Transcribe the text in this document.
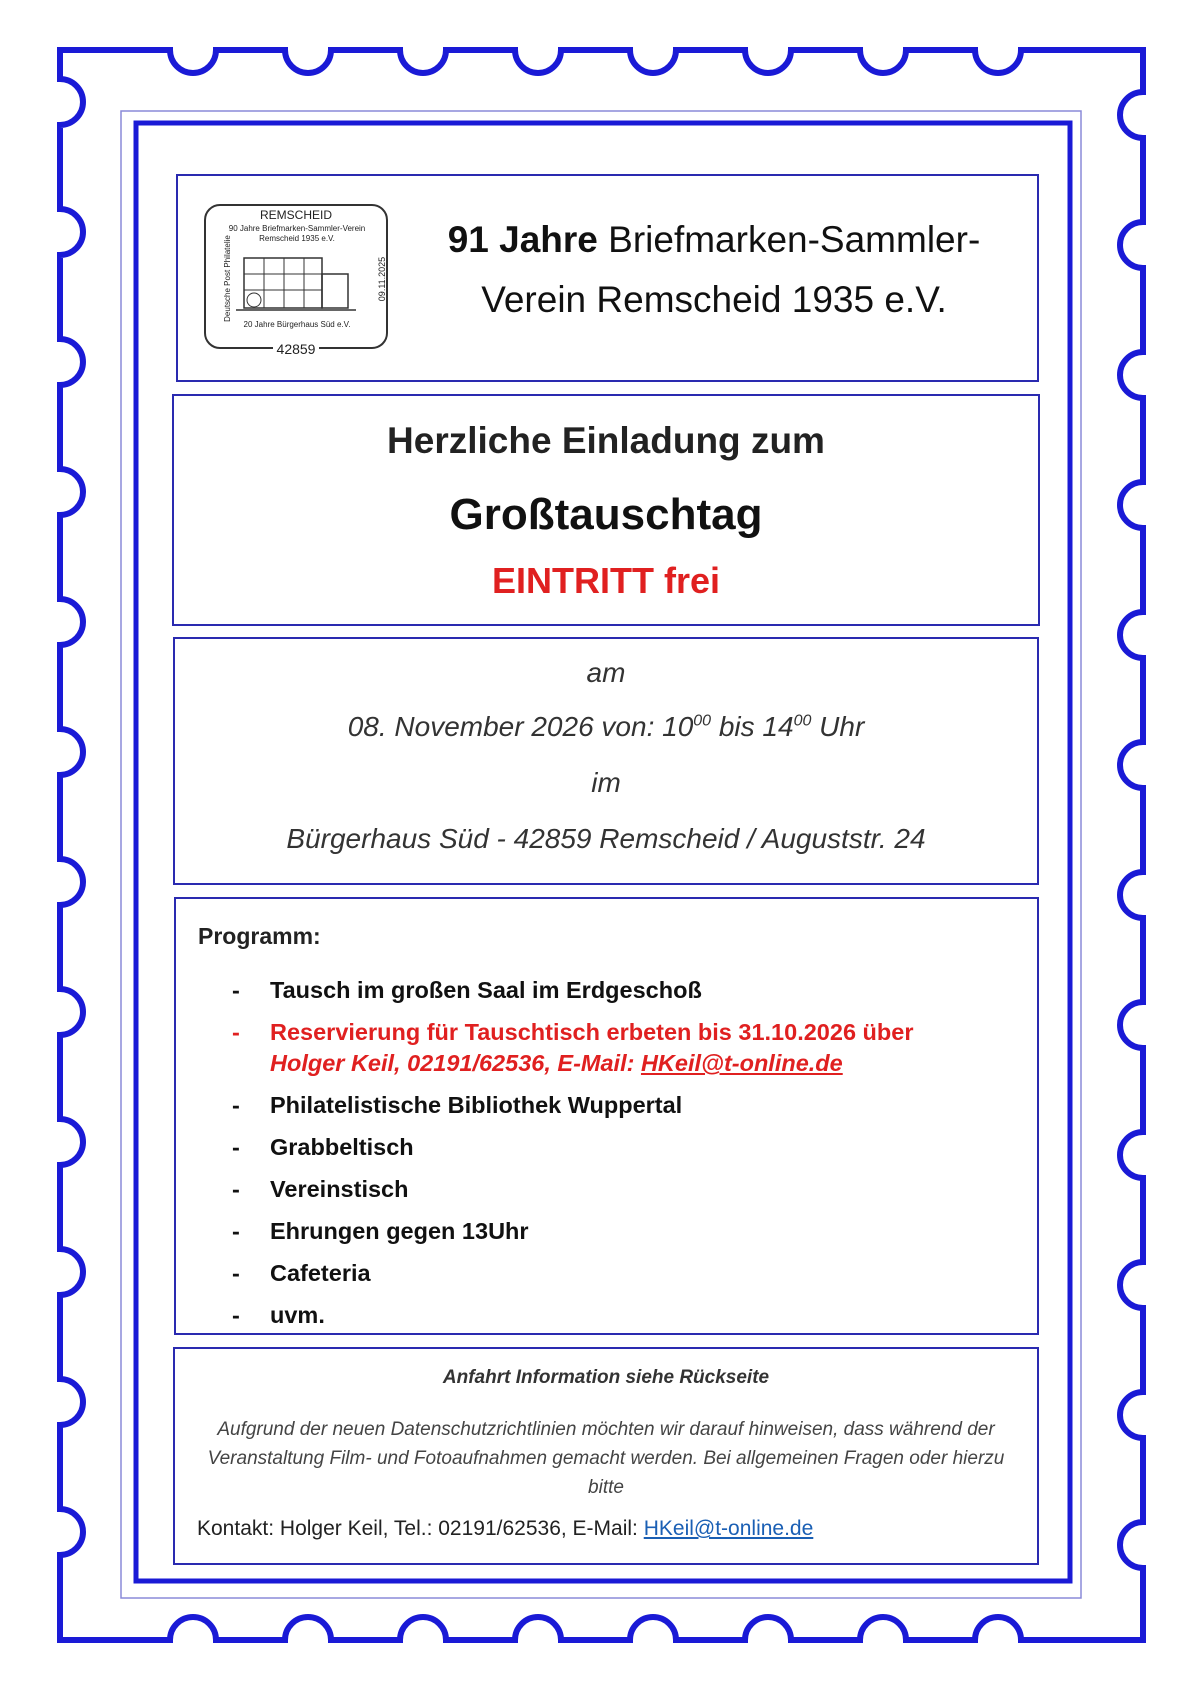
REMSCHEID
90 Jahre Briefmarken-Sammler-Verein
Remscheid 1935 e.V.
Deutsche Post Philatelie	09.11.2025
20 Jahre Bürgerhaus Süd e.V.
42859
91 Jahre Briefmarken-Sammler-
Verein Remscheid 1935 e.V.
Herzliche Einladung zum
Großtauschtag
EINTRITT frei
am
08. November 2026 von: $10^{00}$ bis $14^{00}$ Uhr
im
Bürgerhaus Süd - 42859 Remscheid / Auguststr. 24
Programm:
- Tausch im großen Saal im Erdgeschoß
- Reservierung für Tauschtisch erbeten bis 31.10.2026 über
Holger Keil, 02191/62536, E-Mail: HKeil@t-online.de
- Philatelistische Bibliothek Wuppertal
- Grabbeltisch
- Vereinstisch
- Ehrungen gegen 13Uhr
- Cafeteria
- uvm.
Anfahrt Information siehe Rückseite
Aufgrund der neuen Datenschutzrichtlinien möchten wir darauf hinweisen, dass während der Veranstaltung Film- und Fotoaufnahmen gemacht werden. Bei allgemeinen Fragen oder hierzu bitte
Kontakt: Holger Keil, Tel.: 02191/62536, E-Mail: HKeil@t-online.de
